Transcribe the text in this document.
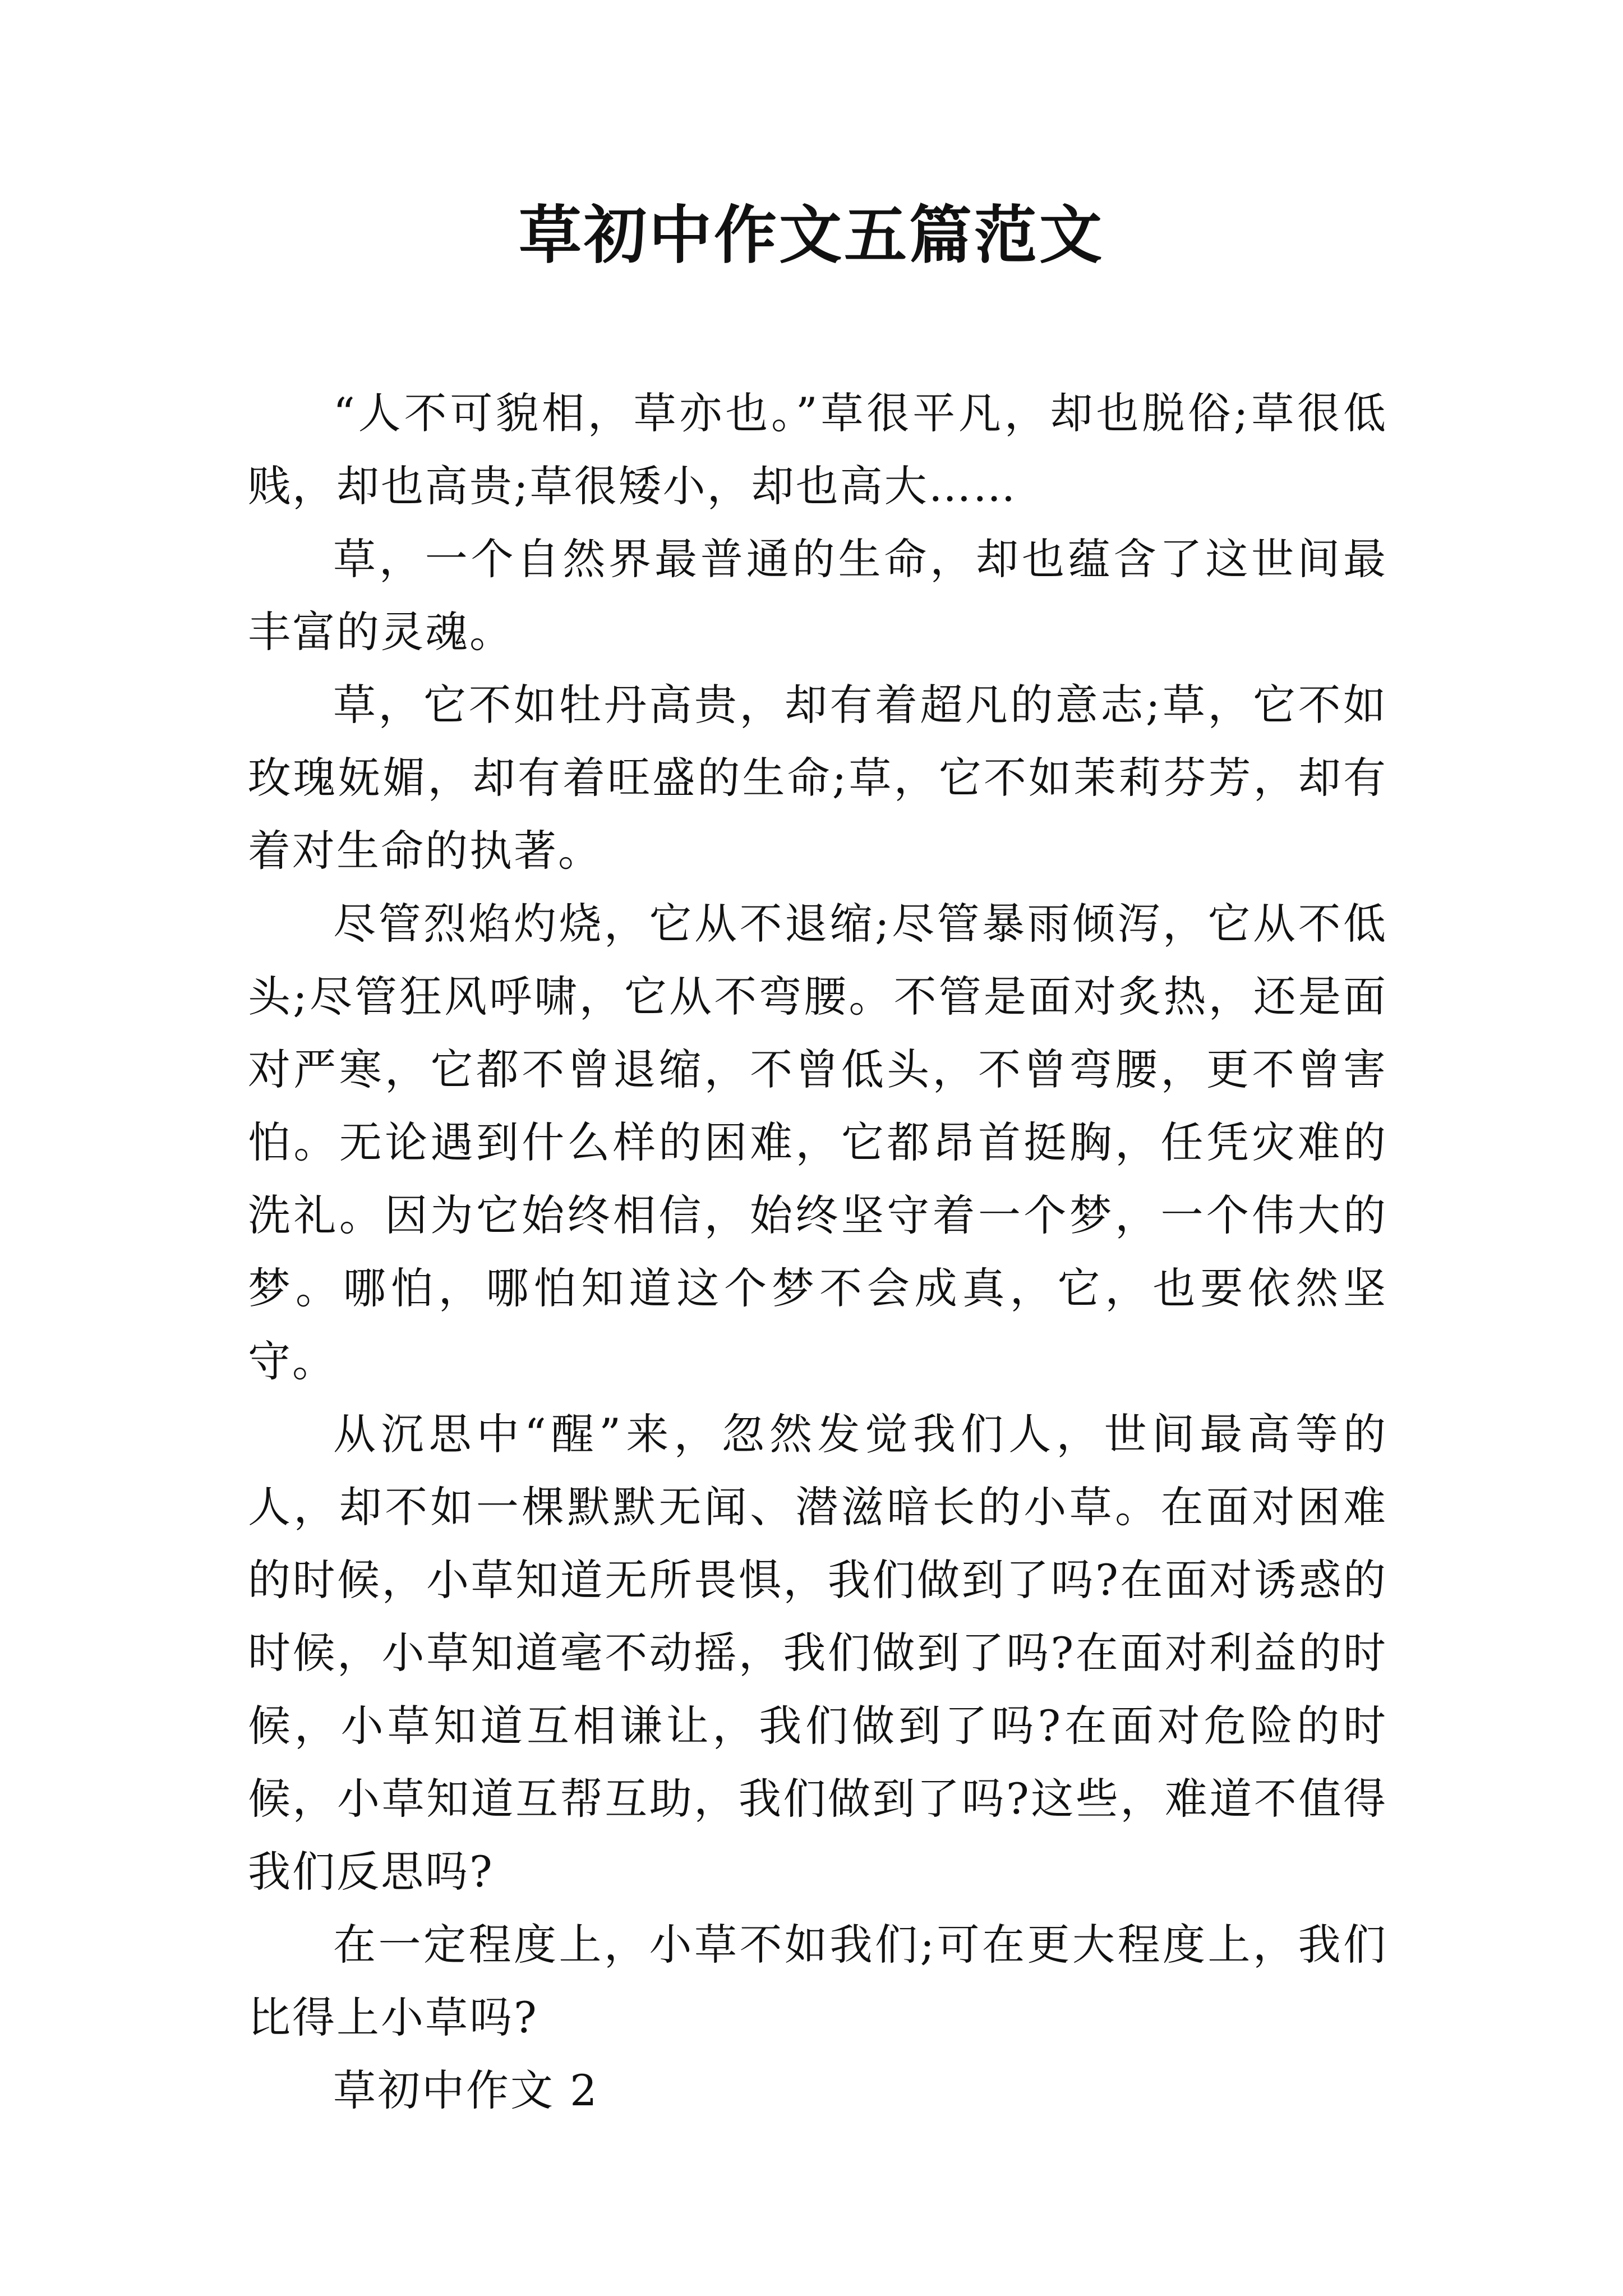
草初中作文五篇范文

“人不可貌相，草亦也。”草很平凡，却也脱俗;草很低贱，却也高贵;草很矮小，却也高大……

草，一个自然界最普通的生命，却也蕴含了这世间最丰富的灵魂。

草，它不如牡丹高贵，却有着超凡的意志;草，它不如玫瑰妩媚，却有着旺盛的生命;草，它不如茉莉芬芳，却有着对生命的执著。

尽管烈焰灼烧，它从不退缩;尽管暴雨倾泻，它从不低头;尽管狂风呼啸，它从不弯腰。不管是面对炙热，还是面对严寒，它都不曾退缩，不曾低头，不曾弯腰，更不曾害怕。无论遇到什么样的困难，它都昂首挺胸，任凭灾难的洗礼。因为它始终相信，始终坚守着一个梦，一个伟大的梦。哪怕，哪怕知道这个梦不会成真，它，也要依然坚守。

从沉思中“醒”来，忽然发觉我们人，世间最高等的人，却不如一棵默默无闻、潜滋暗长的小草。在面对困难的时候，小草知道无所畏惧，我们做到了吗?在面对诱惑的时候，小草知道毫不动摇，我们做到了吗?在面对利益的时候，小草知道互相谦让，我们做到了吗?在面对危险的时候，小草知道互帮互助，我们做到了吗?这些，难道不值得我们反思吗?

在一定程度上，小草不如我们;可在更大程度上，我们比得上小草吗?

草初中作文 2
